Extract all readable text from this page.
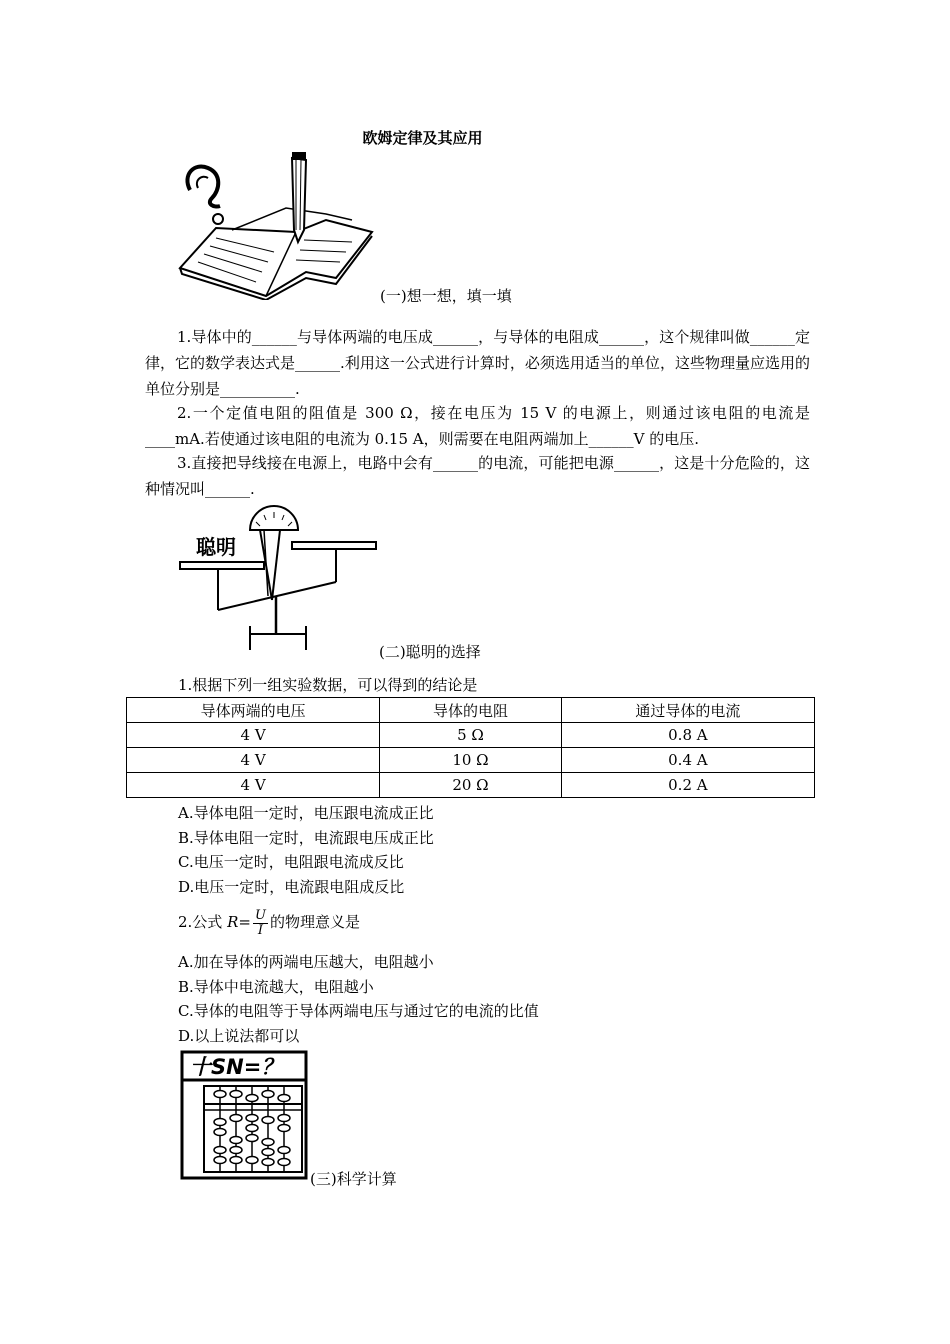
欧姆定律及其应用
(一)想一想，填一填
1.导体中的______与导体两端的电压成______，与导体的电阻成______，这个规律叫做______定律，它的数学表达式是______.利用这一公式进行计算时，必须选用适当的单位，这些物理量应选用的单位分别是__________.
2.一个定值电阻的阻值是 300 Ω，接在电压为 15 V 的电源上，则通过该电阻的电流是____mA.若使通过该电阻的电流为 0.15 A，则需要在电阻两端加上______V 的电压.
3.直接把导线接在电源上，电路中会有______的电流，可能把电源______，这是十分危险的，这种情况叫______.
聪明
(二)聪明的选择
1.根据下列一组实验数据，可以得到的结论是
导体两端的电压	导体的电阻	通过导体的电流
4 V	5 Ω	0.8 A
4 V	10 Ω	0.4 A
4 V	20 Ω	0.2 A
A.导体电阻一定时，电压跟电流成正比
B.导体电阻一定时，电流跟电压成正比
C.电压一定时，电阻跟电流成反比
D.电压一定时，电流跟电阻成反比
2.公式 $R= \frac{U}{I}$ 的物理意义是
A.加在导体的两端电压越大，电阻越小
B.导体中电流越大，电阻越小
C.导体的电阻等于导体两端电压与通过它的电流的比值
D.以上说法都可以
十SN=？
(三)科学计算
